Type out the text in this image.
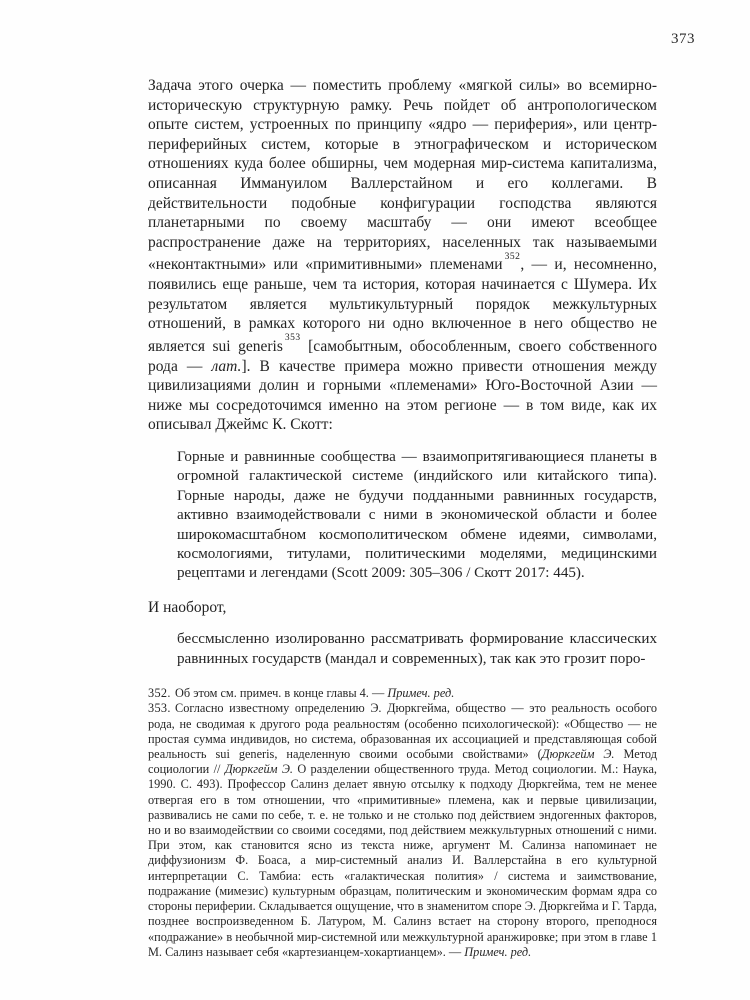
373

Задача этого очерка — поместить проблему «мягкой силы» во всемирно-историческую структурную рамку. Речь пойдет об антропологическом опыте систем, устроенных по принципу «ядро — периферия», или центр-периферийных систем, которые в этнографическом и историческом отношениях куда более обширны, чем модерная мир-система капитализма, описанная Иммануилом Валлерстайном и его коллегами. В действительности подобные конфигурации господства являются планетарными по своему масштабу — они имеют всеобщее распространение даже на территориях, населенных так называемыми «неконтактными» или «примитивными» племенами $^{352}$, — и, несомненно, появились еще раньше, чем та история, которая начинается с Шумера. Их результатом является мультикультурный порядок межкультурных отношений, в рамках которого ни одно включенное в него общество не является sui generis $^{353}$ [самобытным, обособленным, своего собственного рода — лат.]. В качестве примера можно привести отношения между цивилизациями долин и горными «племенами» Юго-Восточной Азии — ниже мы сосредоточимся именно на этом регионе — в том виде, как их описывал Джеймс К. Скотт:

Горные и равнинные сообщества — взаимопритягивающиеся планеты в огромной галактической системе (индийского или китайского типа). Горные народы, даже не будучи подданными равнинных государств, активно взаимодействовали с ними в экономической области и более широкомасштабном космополитическом обмене идеями, символами, космологиями, титулами, политическими моделями, медицинскими рецептами и легендами (Scott 2009: 305–306 / Скотт 2017: 445).

И наоборот,

бессмысленно изолированно рассматривать формирование классических равнинных государств (мандал и современных), так как это грозит поро-

352. Об этом см. примеч. в конце главы 4. — Примеч. ред.

353. Согласно известному определению Э. Дюркгейма, общество — это реальность особого рода, не сводимая к другого рода реальностям (особенно психологической): «Общество — не простая сумма индивидов, но система, образованная их ассоциацией и представляющая собой реальность sui generis, наделенную своими особыми свойствами» (Дюркгейм Э. Метод социологии // Дюркгейм Э. О разделении общественного труда. Метод социологии. М.: Наука, 1990. С. 493). Профессор Салинз делает явную отсылку к подходу Дюркгейма, тем не менее отвергая его в том отношении, что «примитивные» племена, как и первые цивилизации, развивались не сами по себе, т. е. не только и не столько под действием эндогенных факторов, но и во взаимодействии со своими соседями, под действием межкультурных отношений с ними. При этом, как становится ясно из текста ниже, аргумент М. Салинза напоминает не диффузионизм Ф. Боаса, а мир-системный анализ И. Валлерстайна в его культурной интерпретации С. Тамбиа: есть «галактическая полития» / система и заимствование, подражание (мимезис) культурным образцам, политическим и экономическим формам ядра со стороны периферии. Складывается ощущение, что в знаменитом споре Э. Дюркгейма и Г. Тарда, позднее воспроизведенном Б. Латуром, М. Салинз встает на сторону второго, преподнося «подражание» в необычной мир-системной или межкультурной аранжировке; при этом в главе 1 М. Салинз называет себя «картезианцем-хокартианцем». — Примеч. ред.
